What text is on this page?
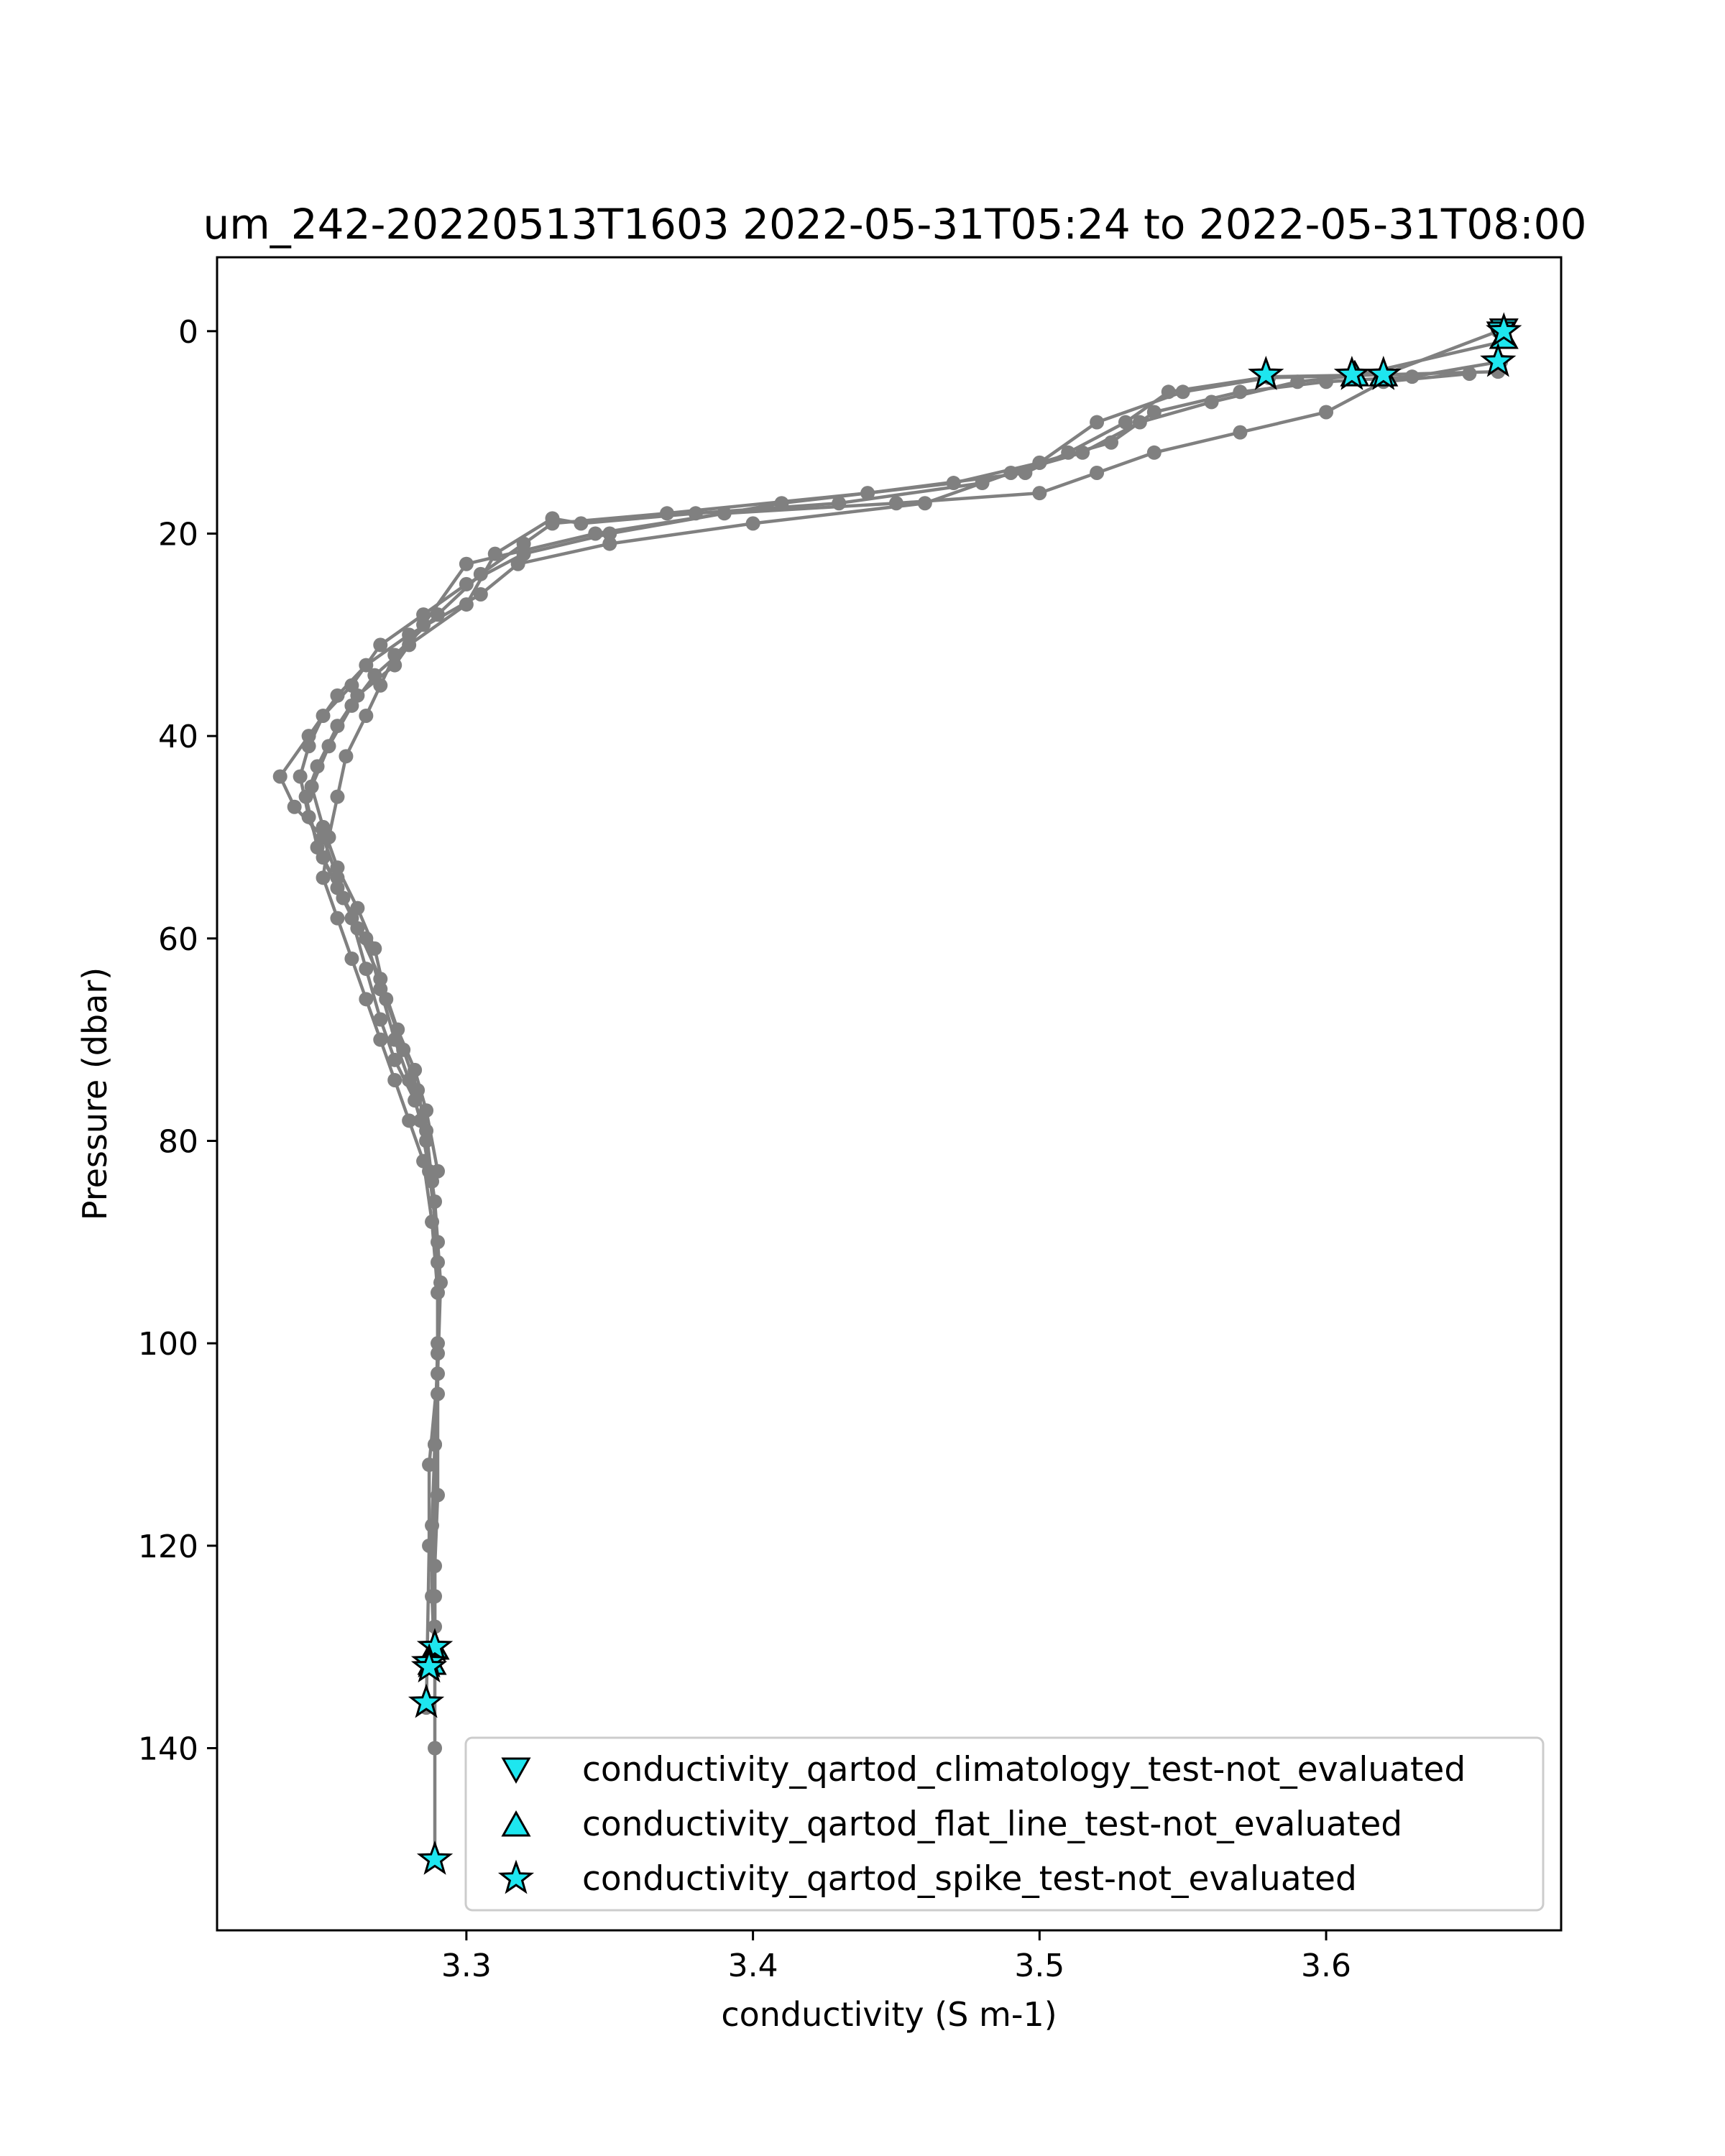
um_242-20220513T1603 2022-05-31T05:24 to 2022-05-31T08:00
0
20
40
60
80
100
120
140
3.3	3.4	3.5	3.6
conductivity (S m-1)
Pressure (dbar)
conductivity_qartod_climatology_test-not_evaluated
conductivity_qartod_flat_line_test-not_evaluated
conductivity_qartod_spike_test-not_evaluated
